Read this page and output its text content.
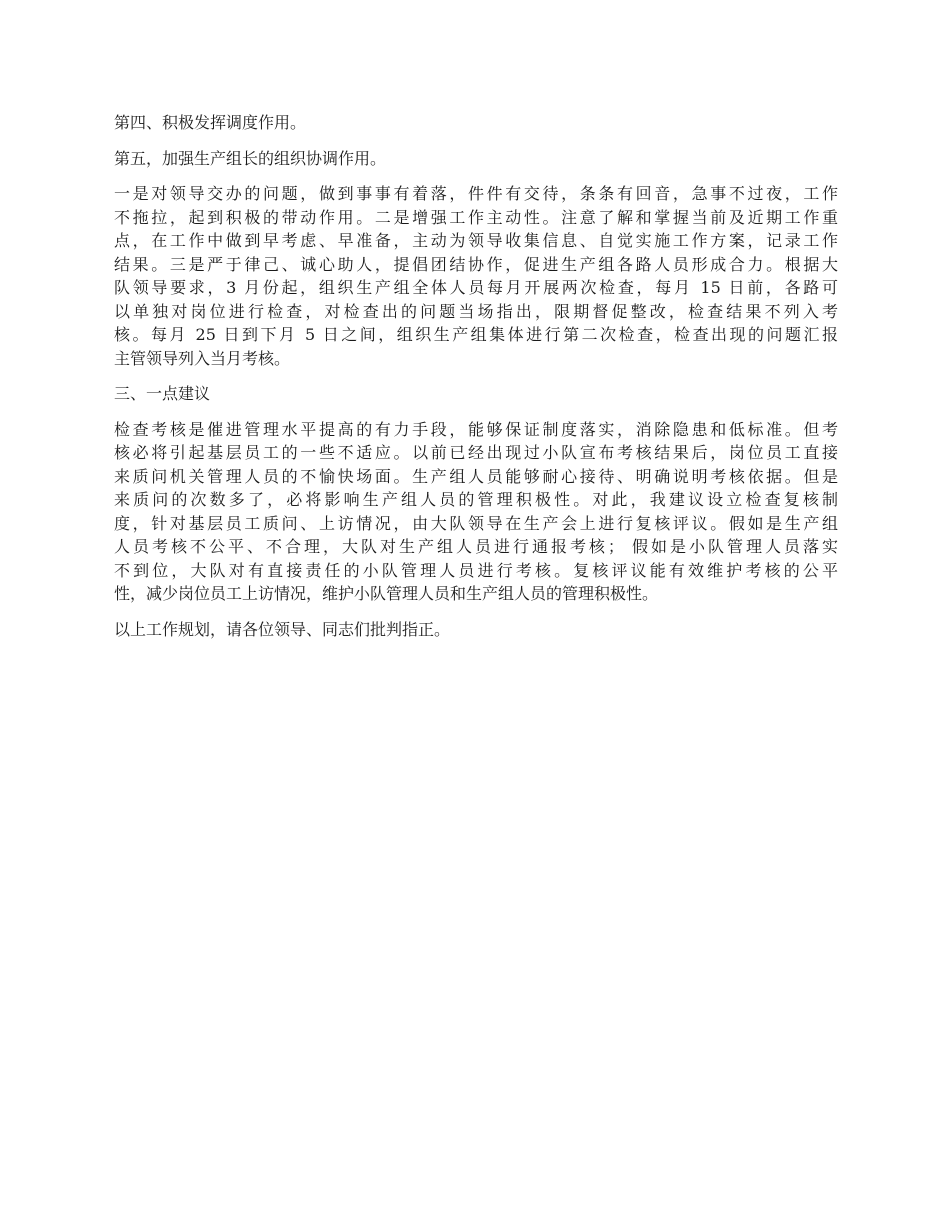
第四、积极发挥调度作用。

第五，加强生产组长的组织协调作用。

一是对领导交办的问题，做到事事有着落，件件有交待，条条有回音，急事不过夜，工作
不拖拉，起到积极的带动作用。二是增强工作主动性。注意了解和掌握当前及近期工作重
点，在工作中做到早考虑、早准备，主动为领导收集信息、自觉实施工作方案，记录工作
结果。三是严于律己、诚心助人，提倡团结协作，促进生产组各路人员形成合力。根据大
队领导要求，3 月份起，组织生产组全体人员每月开展两次检查，每月 15 日前，各路可
以单独对岗位进行检查，对检查出的问题当场指出，限期督促整改，检查结果不列入考
核。每月 25 日到下月 5 日之间，组织生产组集体进行第二次检查，检查出现的问题汇报
主管领导列入当月考核。

三、一点建议

检查考核是催进管理水平提高的有力手段，能够保证制度落实，消除隐患和低标准。但考
核必将引起基层员工的一些不适应。以前已经出现过小队宣布考核结果后，岗位员工直接
来质问机关管理人员的不愉快场面。生产组人员能够耐心接待、明确说明考核依据。但是
来质问的次数多了，必将影响生产组人员的管理积极性。对此，我建议设立检查复核制
度，针对基层员工质问、上访情况，由大队领导在生产会上进行复核评议。假如是生产组
人员考核不公平、不合理，大队对生产组人员进行通报考核； 假如是小队管理人员落实
不到位，大队对有直接责任的小队管理人员进行考核。复核评议能有效维护考核的公平
性，减少岗位员工上访情况，维护小队管理人员和生产组人员的管理积极性。

以上工作规划，请各位领导、同志们批判指正。
